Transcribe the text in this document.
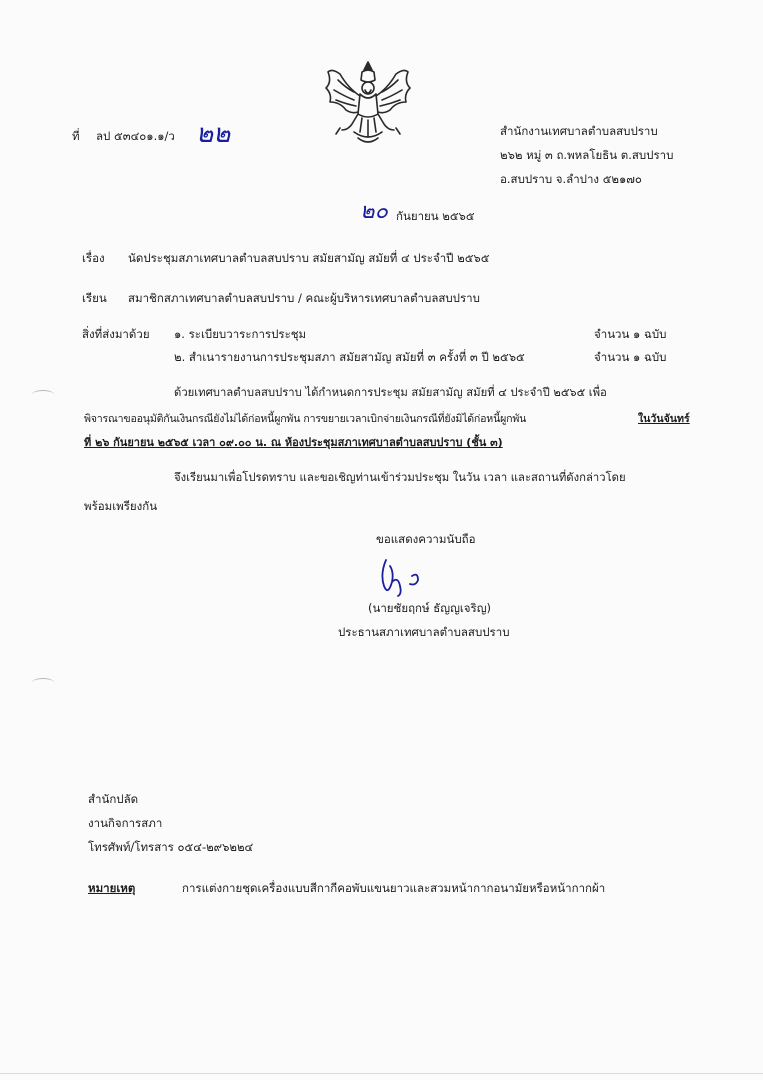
ที่ ลป ๕๓๔๐๑.๑/ว ๒๒	สำนักงานเทศบาลตำบลสบปราบ
๒๖๒ หมู่ ๓ ถ.พหลโยธิน ต.สบปราบ
อ.สบปราบ จ.ลำปาง ๕๒๑๗๐
๒๐ กันยายน ๒๕๖๕
เรื่อง นัดประชุมสภาเทศบาลตำบลสบปราบ สมัยสามัญ สมัยที่ ๔ ประจำปี ๒๕๖๕
เรียน สมาชิกสภาเทศบาลตำบลสบปราบ / คณะผู้บริหารเทศบาลตำบลสบปราบ
สิ่งที่ส่งมาด้วย ๑. ระเบียบวาระการประชุม	จำนวน ๑ ฉบับ
๒. สำเนารายงานการประชุมสภา สมัยสามัญ สมัยที่ ๓ ครั้งที่ ๓ ปี ๒๕๖๕	จำนวน ๑ ฉบับ
ด้วยเทศบาลตำบลสบปราบ ได้กำหนดการประชุม สมัยสามัญ สมัยที่ ๔ ประจำปี ๒๕๖๕ เพื่อ
พิจารณาขออนุมัติกันเงินกรณียังไม่ได้ก่อหนี้ผูกพัน การขยายเวลาเบิกจ่ายเงินกรณีที่ยังมิได้ก่อหนี้ผูกพัน	ในวันจันทร์
ที่ ๒๖ กันยายน ๒๕๖๕ เวลา ๐๙.๐๐ น. ณ ห้องประชุมสภาเทศบาลตำบลสบปราบ (ชั้น ๓)
จึงเรียนมาเพื่อโปรดทราบ และขอเชิญท่านเข้าร่วมประชุม ในวัน เวลา และสถานที่ดังกล่าวโดย
พร้อมเพรียงกัน
ขอแสดงความนับถือ
(นายชัยฤกษ์ ธัญญเจริญ)
ประธานสภาเทศบาลตำบลสบปราบ
สำนักปลัด
งานกิจการสภา
โทรศัพท์/โทรสาร ๐๕๔-๒๙๖๒๒๔
หมายเหตุ	การแต่งกายชุดเครื่องแบบสีกากีคอพับแขนยาวและสวมหน้ากากอนามัยหรือหน้ากากผ้า
